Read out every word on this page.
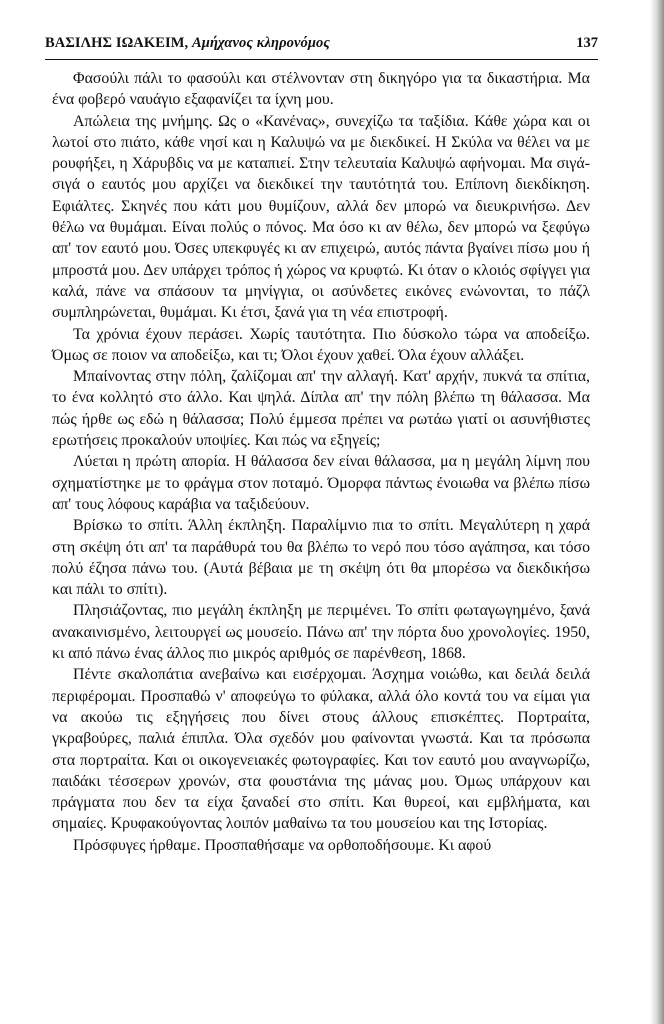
ΒΑΣΙΛΗΣ ΙΩΑΚΕΙΜ, Αμήχανος κληρονόμος	137

Φασούλι πάλι το φασούλι και στέλνονταν στη δικηγόρο για τα δικαστήρια. Μα ένα φοβερό ναυάγιο εξαφανίζει τα ίχνη μου.

Απώλεια της μνήμης. Ως ο «Κανένας», συνεχίζω τα ταξίδια. Κάθε χώρα και οι λωτοί στο πιάτο, κάθε νησί και η Καλυψώ να με διεκδικεί. Η Σκύλα να θέλει να με ρουφήξει, η Χάρυβδις να με καταπιεί. Στην τελευταία Καλυψώ αφήνομαι. Μα σιγά-σιγά ο εαυτός μου αρχίζει να διεκδικεί την ταυτότητά του. Επίπονη διεκδίκηση. Εφιάλτες. Σκηνές που κάτι μου θυμίζουν, αλλά δεν μπορώ να διευκρινήσω. Δεν θέλω να θυμάμαι. Είναι πολύς ο πόνος. Μα όσο κι αν θέλω, δεν μπορώ να ξεφύγω απ' τον εαυτό μου. Όσες υπεκφυγές κι αν επιχειρώ, αυτός πάντα βγαίνει πίσω μου ή μπροστά μου. Δεν υπάρχει τρόπος ή χώρος να κρυφτώ. Κι όταν ο κλοιός σφίγγει για καλά, πάνε να σπάσουν τα μηνίγγια, οι ασύνδετες εικόνες ενώνονται, το πάζλ συμπληρώνεται, θυμάμαι. Κι έτσι, ξανά για τη νέα επιστροφή.

Τα χρόνια έχουν περάσει. Χωρίς ταυτότητα. Πιο δύσκολο τώρα να αποδείξω. Όμως σε ποιον να αποδείξω, και τι; Όλοι έχουν χαθεί. Όλα έχουν αλλάξει.

Μπαίνοντας στην πόλη, ζαλίζομαι απ' την αλλαγή. Κατ' αρχήν, πυκνά τα σπίτια, το ένα κολλητό στο άλλο. Και ψηλά. Δίπλα απ' την πόλη βλέπω τη θάλασσα. Μα πώς ήρθε ως εδώ η θάλασσα; Πολύ έμμεσα πρέπει να ρωτάω γιατί οι ασυνήθιστες ερωτήσεις προκαλούν υποψίες. Και πώς να εξηγείς;

Λύεται η πρώτη απορία. Η θάλασσα δεν είναι θάλασσα, μα η μεγάλη λίμνη που σχηματίστηκε με το φράγμα στον ποταμό. Όμορφα πάντως ένοιωθα να βλέπω πίσω απ' τους λόφους καράβια να ταξιδεύουν.

Βρίσκω το σπίτι. Άλλη έκπληξη. Παραλίμνιο πια το σπίτι. Μεγαλύτερη η χαρά στη σκέψη ότι απ' τα παράθυρά του θα βλέπω το νερό που τόσο αγάπησα, και τόσο πολύ έζησα πάνω του. (Αυτά βέβαια με τη σκέψη ότι θα μπορέσω να διεκδικήσω και πάλι το σπίτι).

Πλησιάζοντας, πιο μεγάλη έκπληξη με περιμένει. Το σπίτι φωταγωγημένο, ξανά ανακαινισμένο, λειτουργεί ως μουσείο. Πάνω απ' την πόρτα δυο χρονολογίες. 1950, κι από πάνω ένας άλλος πιο μικρός αριθμός σε παρένθεση, 1868.

Πέντε σκαλοπάτια ανεβαίνω και εισέρχομαι. Άσχημα νοιώθω, και δειλά δειλά περιφέρομαι. Προσπαθώ ν' αποφεύγω το φύλακα, αλλά όλο κοντά του να είμαι για να ακούω τις εξηγήσεις που δίνει στους άλλους επισκέπτες. Πορτραίτα, γκραβούρες, παλιά έπιπλα. Όλα σχεδόν μου φαίνονται γνωστά. Και τα πρόσωπα στα πορτραίτα. Και οι οικογενειακές φωτογραφίες. Και τον εαυτό μου αναγνωρίζω, παιδάκι τέσσερων χρονών, στα φουστάνια της μάνας μου. Όμως υπάρχουν και πράγματα που δεν τα είχα ξαναδεί στο σπίτι. Και θυρεοί, και εμβλήματα, και σημαίες. Κρυφακούγοντας λοιπόν μαθαίνω τα του μουσείου και της Ιστορίας.

Πρόσφυγες ήρθαμε. Προσπαθήσαμε να ορθοποδήσουμε. Κι αφού
